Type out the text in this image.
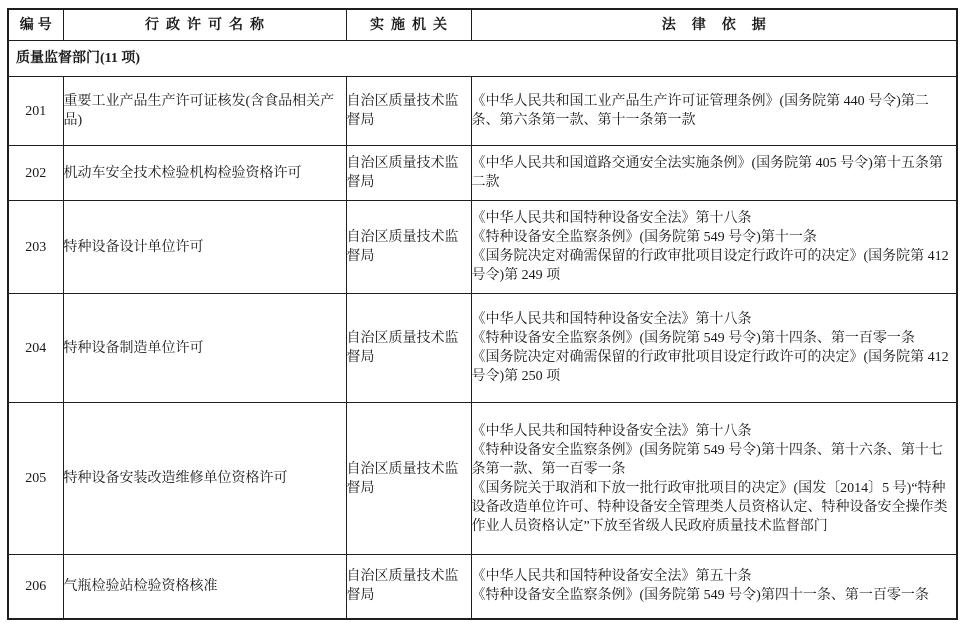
编号	行政许可名称	实施机关	法律依据
质量监督部门(11 项)			
201	重要工业产品生产许可证核发(含食品相关产品)	自治区质量技术监督局	《中华人民共和国工业产品生产许可证管理条例》(国务院第 440 号令)第二条、第六条第一款、第十一条第一款

202	机动车安全技术检验机构检验资格许可	自治区质量技术监督局	《中华人民共和国道路交通安全法实施条例》(国务院第 405 号令)第十五条第二款

203	特种设备设计单位许可	自治区质量技术监督局	《中华人民共和国特种设备安全法》第十八条
《特种设备安全监察条例》(国务院第 549 号令)第十一条
《国务院决定对确需保留的行政审批项目设定行政许可的决定》(国务院第 412 号令)第 249 项

204	特种设备制造单位许可	自治区质量技术监督局	《中华人民共和国特种设备安全法》第十八条
《特种设备安全监察条例》(国务院第 549 号令)第十四条、第一百零一条
《国务院决定对确需保留的行政审批项目设定行政许可的决定》(国务院第 412 号令)第 250 项

205	特种设备安装改造维修单位资格许可	自治区质量技术监督局	《中华人民共和国特种设备安全法》第十八条
《特种设备安全监察条例》(国务院第 549 号令)第十四条、第十六条、第十七条第一款、第一百零一条
《国务院关于取消和下放一批行政审批项目的决定》(国发〔2014〕5 号)“特种设备改造单位许可、特种设备安全管理类人员资格认定、特种设备安全操作类作业人员资格认定”下放至省级人民政府质量技术监督部门

206	气瓶检验站检验资格核准	自治区质量技术监督局	《中华人民共和国特种设备安全法》第五十条
《特种设备安全监察条例》(国务院第 549 号令)第四十一条、第一百零一条
